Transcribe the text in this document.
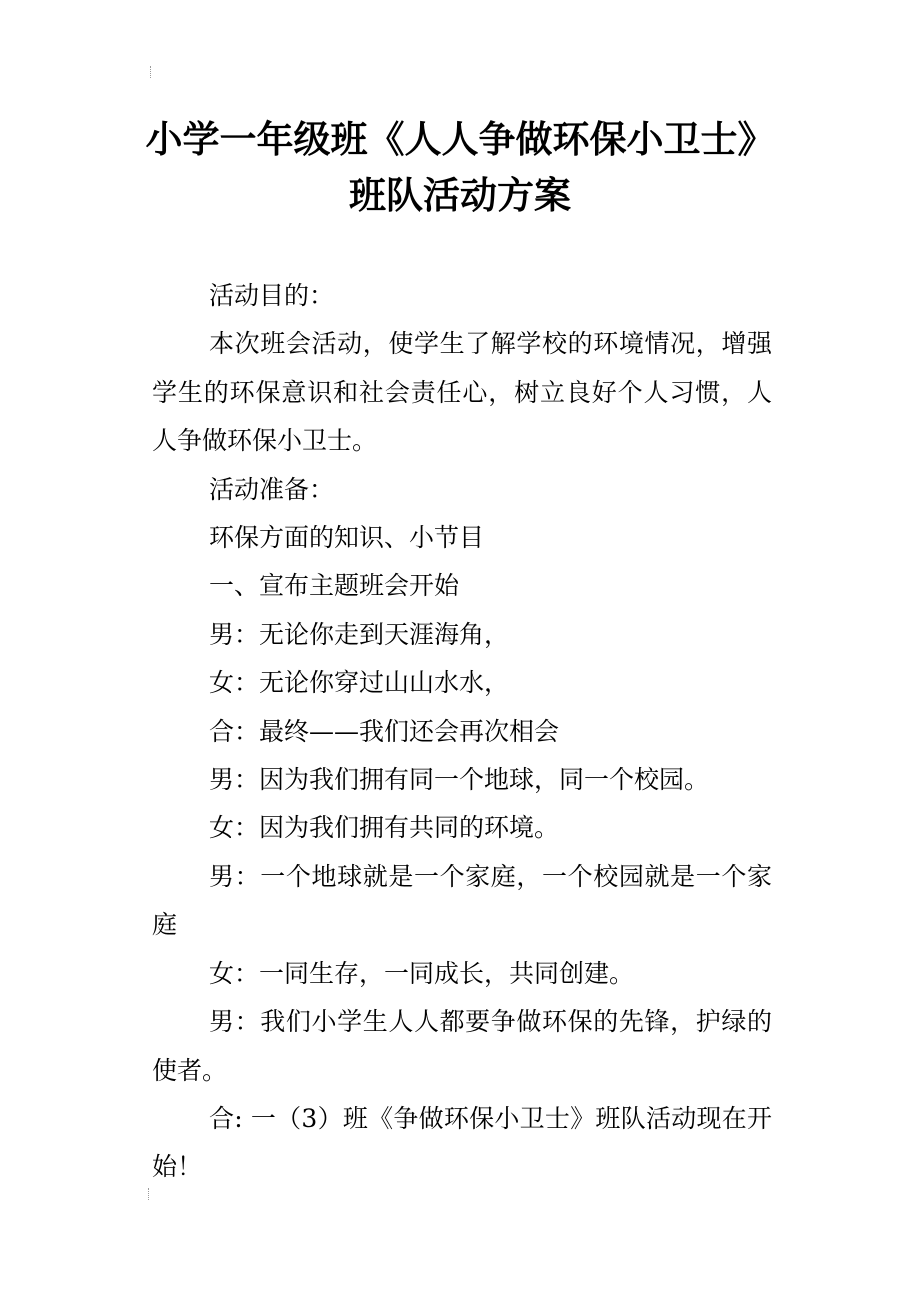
小学一年级班《人人争做环保小卫士》
班队活动方案

活动目的：

本次班会活动，使学生了解学校的环境情况，增强学生的环保意识和社会责任心，树立良好个人习惯，人人争做环保小卫士。

活动准备：

环保方面的知识、小节目

一、宣布主题班会开始

男：无论你走到天涯海角，

女：无论你穿过山山水水，

合：最终——我们还会再次相会

男：因为我们拥有同一个地球，同一个校园。

女：因为我们拥有共同的环境。

男：一个地球就是一个家庭，一个校园就是一个家庭

女：一同生存，一同成长，共同创建。

男：我们小学生人人都要争做环保的先锋，护绿的使者。

合: 一（3）班《争做环保小卫士》班队活动现在开始！
